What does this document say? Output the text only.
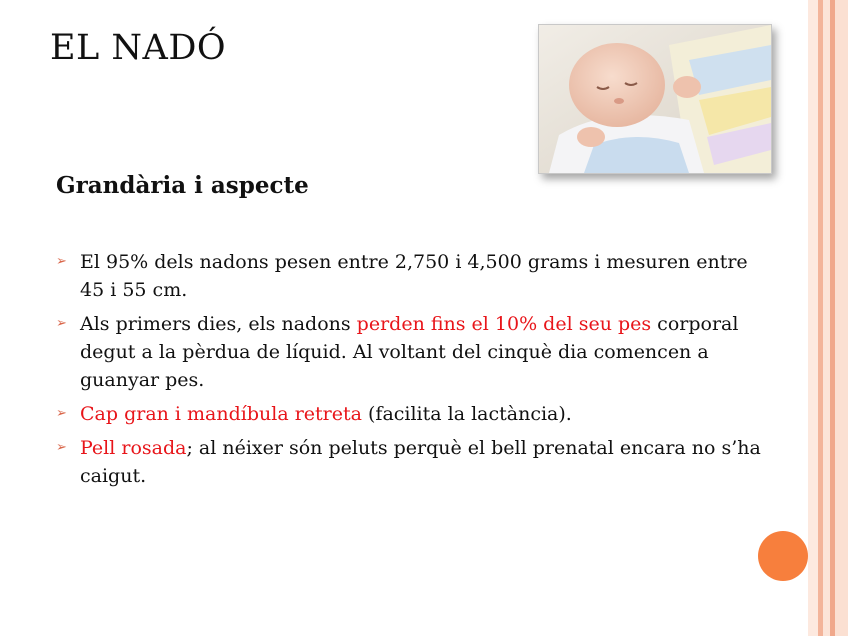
EL NADÓ
Grandària i aspecte
➢ El 95% dels nadons pesen entre 2,750 i 4,500 grams i mesuren entre 45 i 55 cm.
➢ Als primers dies, els nadons perden fins el 10% del seu pes corporal degut a la pèrdua de líquid. Al voltant del cinquè dia comencen a guanyar pes.
➢ Cap gran i mandíbula retreta (facilita la lactància).
➢ Pell rosada; al néixer són peluts perquè el bell prenatal encara no s’ha caigut.
